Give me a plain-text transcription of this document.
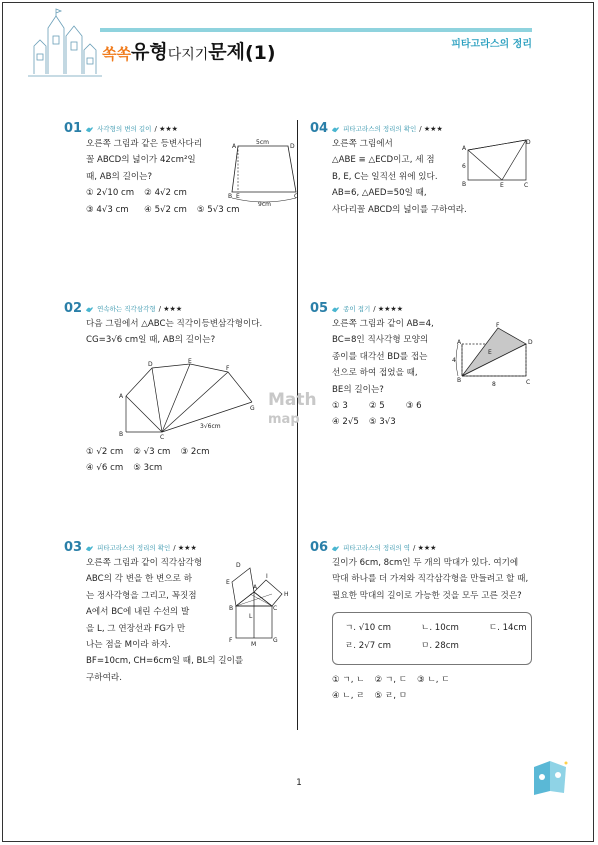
쏙쏙 유형 다지기 문제 (1)	피타고라스의 정리
01 사각형의 변의 길이 / ★★★
오른쪽 그림과 같은 등변사다리
꼴 ABCD의 넓이가 42cm²일
때, AB의 길이는?
① 2√10 cm ② 4√2 cm
③ 4√3 cm	④ 5√2 cm ⑤ 5√3 cm
A	D
B E	C
5cm
9cm
02 연속하는 직각삼각형 / ★★★
다음 그림에서 △ABC는 직각이등변삼각형이다.
CG=3√6 cm일 때, AB의 길이는?
A
B	C
D	E
F
G
3√6cm
① √2 cm ② √3 cm ③ 2cm
④ √6 cm ⑤ 3cm
03 피타고라스의 정리의 확인 / ★★★
오른쪽 그림과 같이 직각삼각형
ABC의 각 변을 한 변으로 하
는 정사각형을 그리고, 꼭짓점
A에서 BC에 내린 수선의 발
을 L, 그 연장선과 FG가 만
나는 점을 M이라 하자.
BF=10cm, CH=6cm일 때, BL의 길이를
구하여라.
A
B	C
D
E
F	G
H
I
L
M
04 피타고라스의 정리의 확인 / ★★★
오른쪽 그림에서
△ABE ≡ △ECD이고, 세 점
B, E, C는 일직선 위에 있다.
AB=6, △AED=50일 때,
사다리꼴 ABCD의 넓이를 구하여라.
A
B	C
D
E
6
05 종이 접기 / ★★★★
오른쪽 그림과 같이 AB=4,
BC=8인 직사각형 모양의
종이를 대각선 BD를 접는
선으로 하여 접었을 때,
BE의 길이는?
① 3	② 5	③ 6
④ 2√5 ⑤ 3√3
A
B	C
D
E
F
4
8
06 피타고라스의 정리의 역 / ★★★
길이가 6cm, 8cm인 두 개의 막대가 있다. 여기에
막대 하나를 더 가져와 직각삼각형을 만들려고 할 때,
필요한 막대의 길이로 가능한 것을 모두 고른 것은?
ㄱ. √10 cm	ㄴ. 10cm	ㄷ. 14cm
ㄹ. 2√7 cm	ㅁ. 28cm
① ㄱ, ㄴ ② ㄱ, ㄷ ③ ㄴ, ㄷ
④ ㄴ, ㄹ ⑤ ㄹ, ㅁ
Math
map
1
